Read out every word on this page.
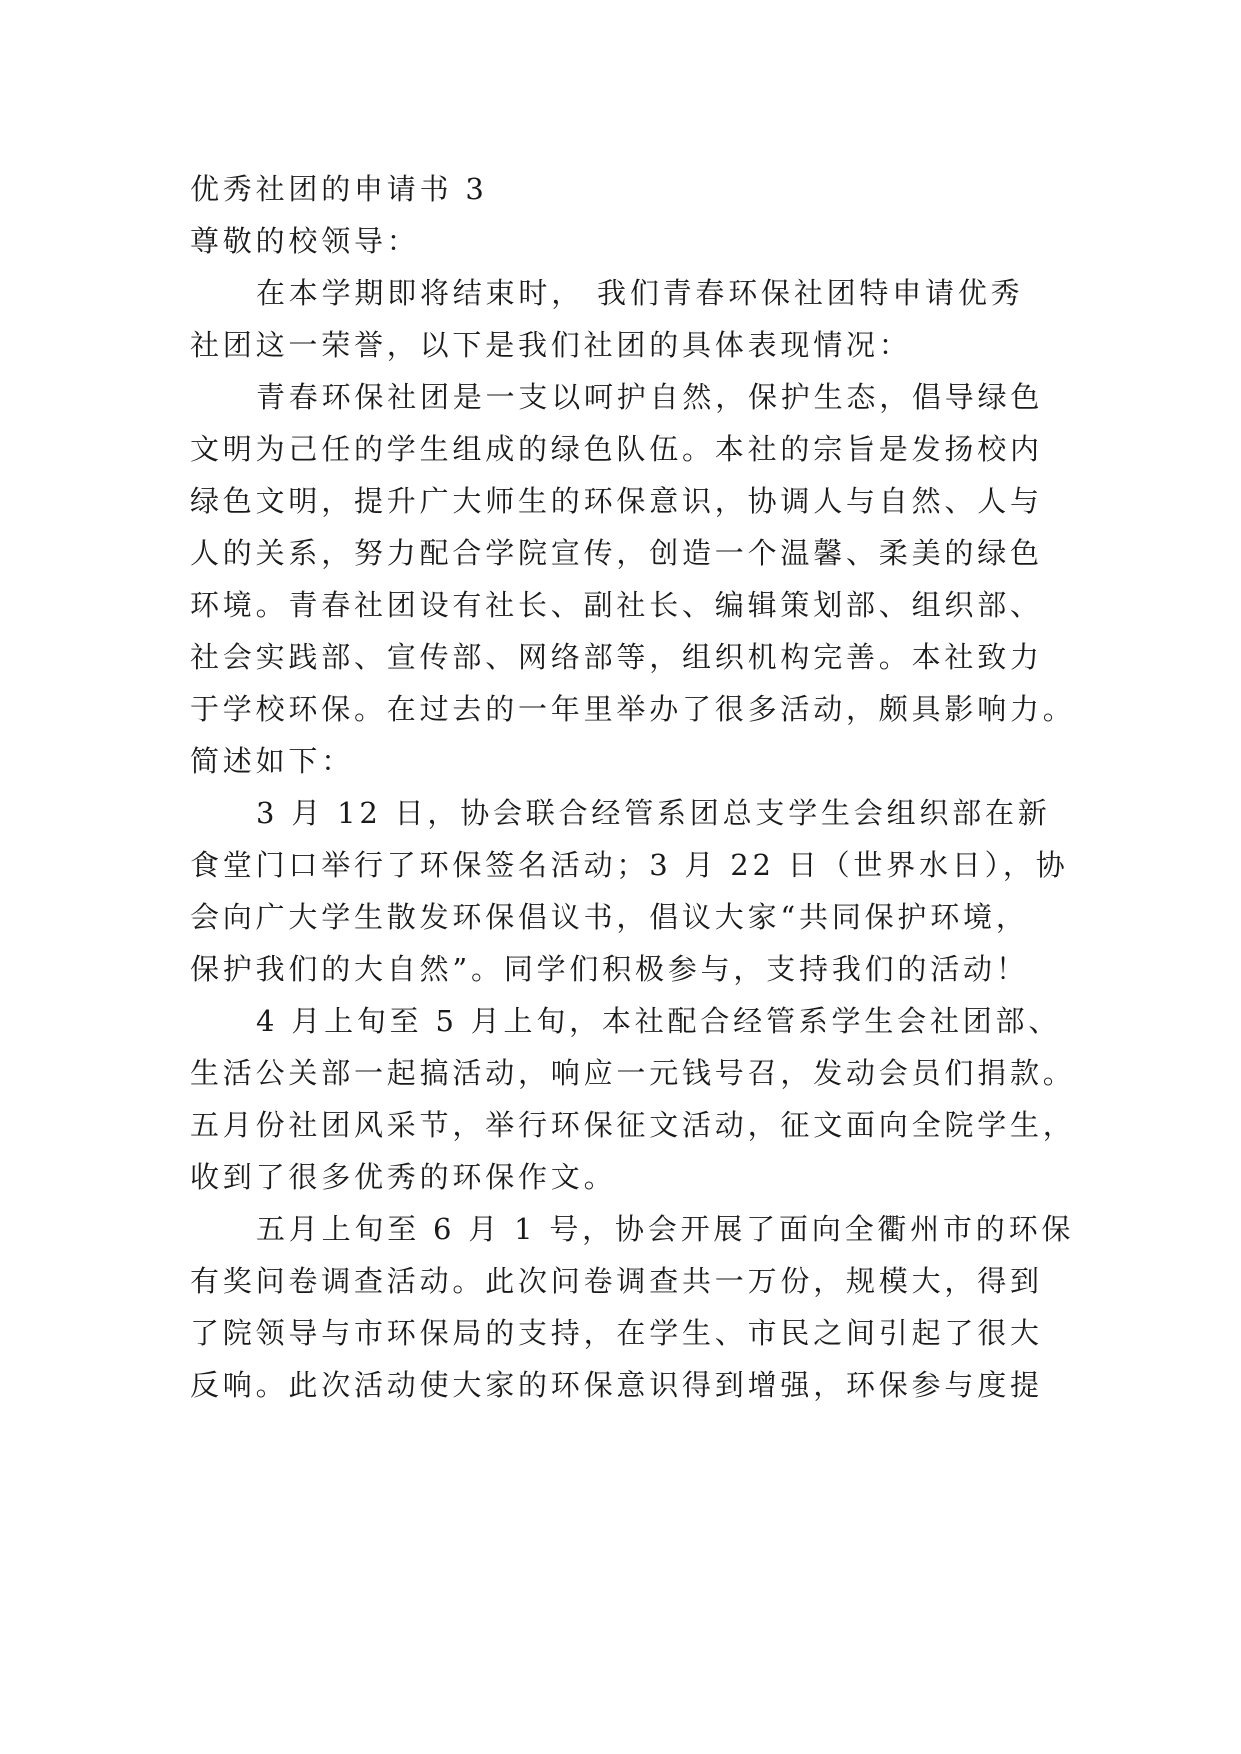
优秀社团的申请书 3
尊敬的校领导：
在本学期即将结束时， 我们青春环保社团特申请优秀
社团这一荣誉，以下是我们社团的具体表现情况：
青春环保社团是一支以呵护自然，保护生态，倡导绿色
文明为己任的学生组成的绿色队伍。本社的宗旨是发扬校内
绿色文明，提升广大师生的环保意识，协调人与自然、人与
人的关系，努力配合学院宣传，创造一个温馨、柔美的绿色
环境。青春社团设有社长、副社长、编辑策划部、组织部、
社会实践部、宣传部、网络部等，组织机构完善。本社致力
于学校环保。在过去的一年里举办了很多活动，颇具影响力。
简述如下：
3 月 12 日，协会联合经管系团总支学生会组织部在新
食堂门口举行了环保签名活动；3 月 22 日（世界水日），协
会向广大学生散发环保倡议书，倡议大家“共同保护环境，
保护我们的大自然”。同学们积极参与，支持我们的活动！
4 月上旬至 5 月上旬，本社配合经管系学生会社团部、
生活公关部一起搞活动，响应一元钱号召，发动会员们捐款。
五月份社团风采节，举行环保征文活动，征文面向全院学生，
收到了很多优秀的环保作文。
五月上旬至 6 月 1 号，协会开展了面向全衢州市的环保
有奖问卷调查活动。此次问卷调查共一万份，规模大，得到
了院领导与市环保局的支持，在学生、市民之间引起了很大
反响。此次活动使大家的环保意识得到增强，环保参与度提
